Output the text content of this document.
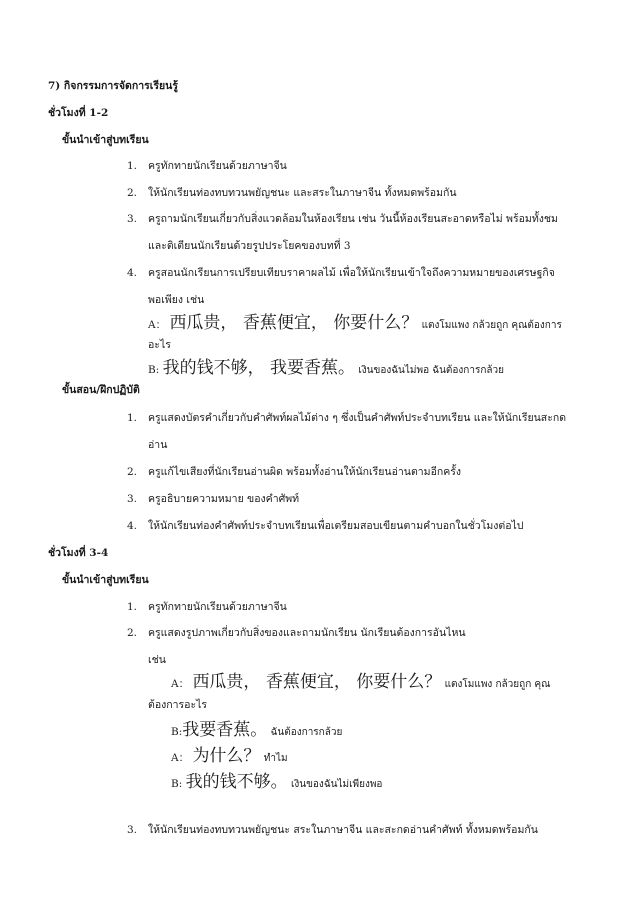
7) กิจกรรมการจัดการเรียนรู้
ชั่วโมงที่ 1-2
ขั้นนำเข้าสู่บทเรียน
1. ครูทักทายนักเรียนด้วยภาษาจีน
2. ให้นักเรียนท่องทบทวนพยัญชนะ และสระในภาษาจีน ทั้งหมดพร้อมกัน
3. ครูถามนักเรียนเกี่ยวกับสิ่งแวดล้อมในห้องเรียน เช่น วันนี้ห้องเรียนสะอาดหรือไม่ พร้อมทั้งชม
และติเตียนนักเรียนด้วยรูปประโยคของบทที่ 3
4. ครูสอนนักเรียนการเปรียบเทียบราคาผลไม้ เพื่อให้นักเรียนเข้าใจถึงความหมายของเศรษฐกิจ
พอเพียง เช่น
A： 西瓜贵， 香蕉便宜， 你要什么？ แตงโมแพง กล้วยถูก คุณต้องการ
อะไร
B: 我的钱不够， 我要香蕉。 เงินของฉันไม่พอ ฉันต้องการกล้วย
ขั้นสอน/ฝึกปฏิบัติ
1. ครูแสดงบัตรคำเกี่ยวกับคำศัพท์ผลไม้ต่าง ๆ ซึ่งเป็นคำศัพท์ประจำบทเรียน และให้นักเรียนสะกด
อ่าน
2. ครูแก้ไขเสียงที่นักเรียนอ่านผิด พร้อมทั้งอ่านให้นักเรียนอ่านตามอีกครั้ง
3. ครูอธิบายความหมาย ของคำศัพท์
4. ให้นักเรียนท่องคำศัพท์ประจำบทเรียนเพื่อเตรียมสอบเขียนตามคำบอกในชั่วโมงต่อไป
ชั่วโมงที่ 3-4
ขั้นนำเข้าสู่บทเรียน
1. ครูทักทายนักเรียนด้วยภาษาจีน
2. ครูแสดงรูปภาพเกี่ยวกับสิ่งของและถามนักเรียน นักเรียนต้องการอันไหน
เช่น
A： 西瓜贵， 香蕉便宜， 你要什么？ แตงโมแพง กล้วยถูก คุณ
ต้องการอะไร
B:我要香蕉。 ฉันต้องการกล้วย
A： 为什么？ ทำไม
B: 我的钱不够。 เงินของฉันไม่เพียงพอ
3. ให้นักเรียนท่องทบทวนพยัญชนะ สระในภาษาจีน และสะกดอ่านคำศัพท์ ทั้งหมดพร้อมกัน
